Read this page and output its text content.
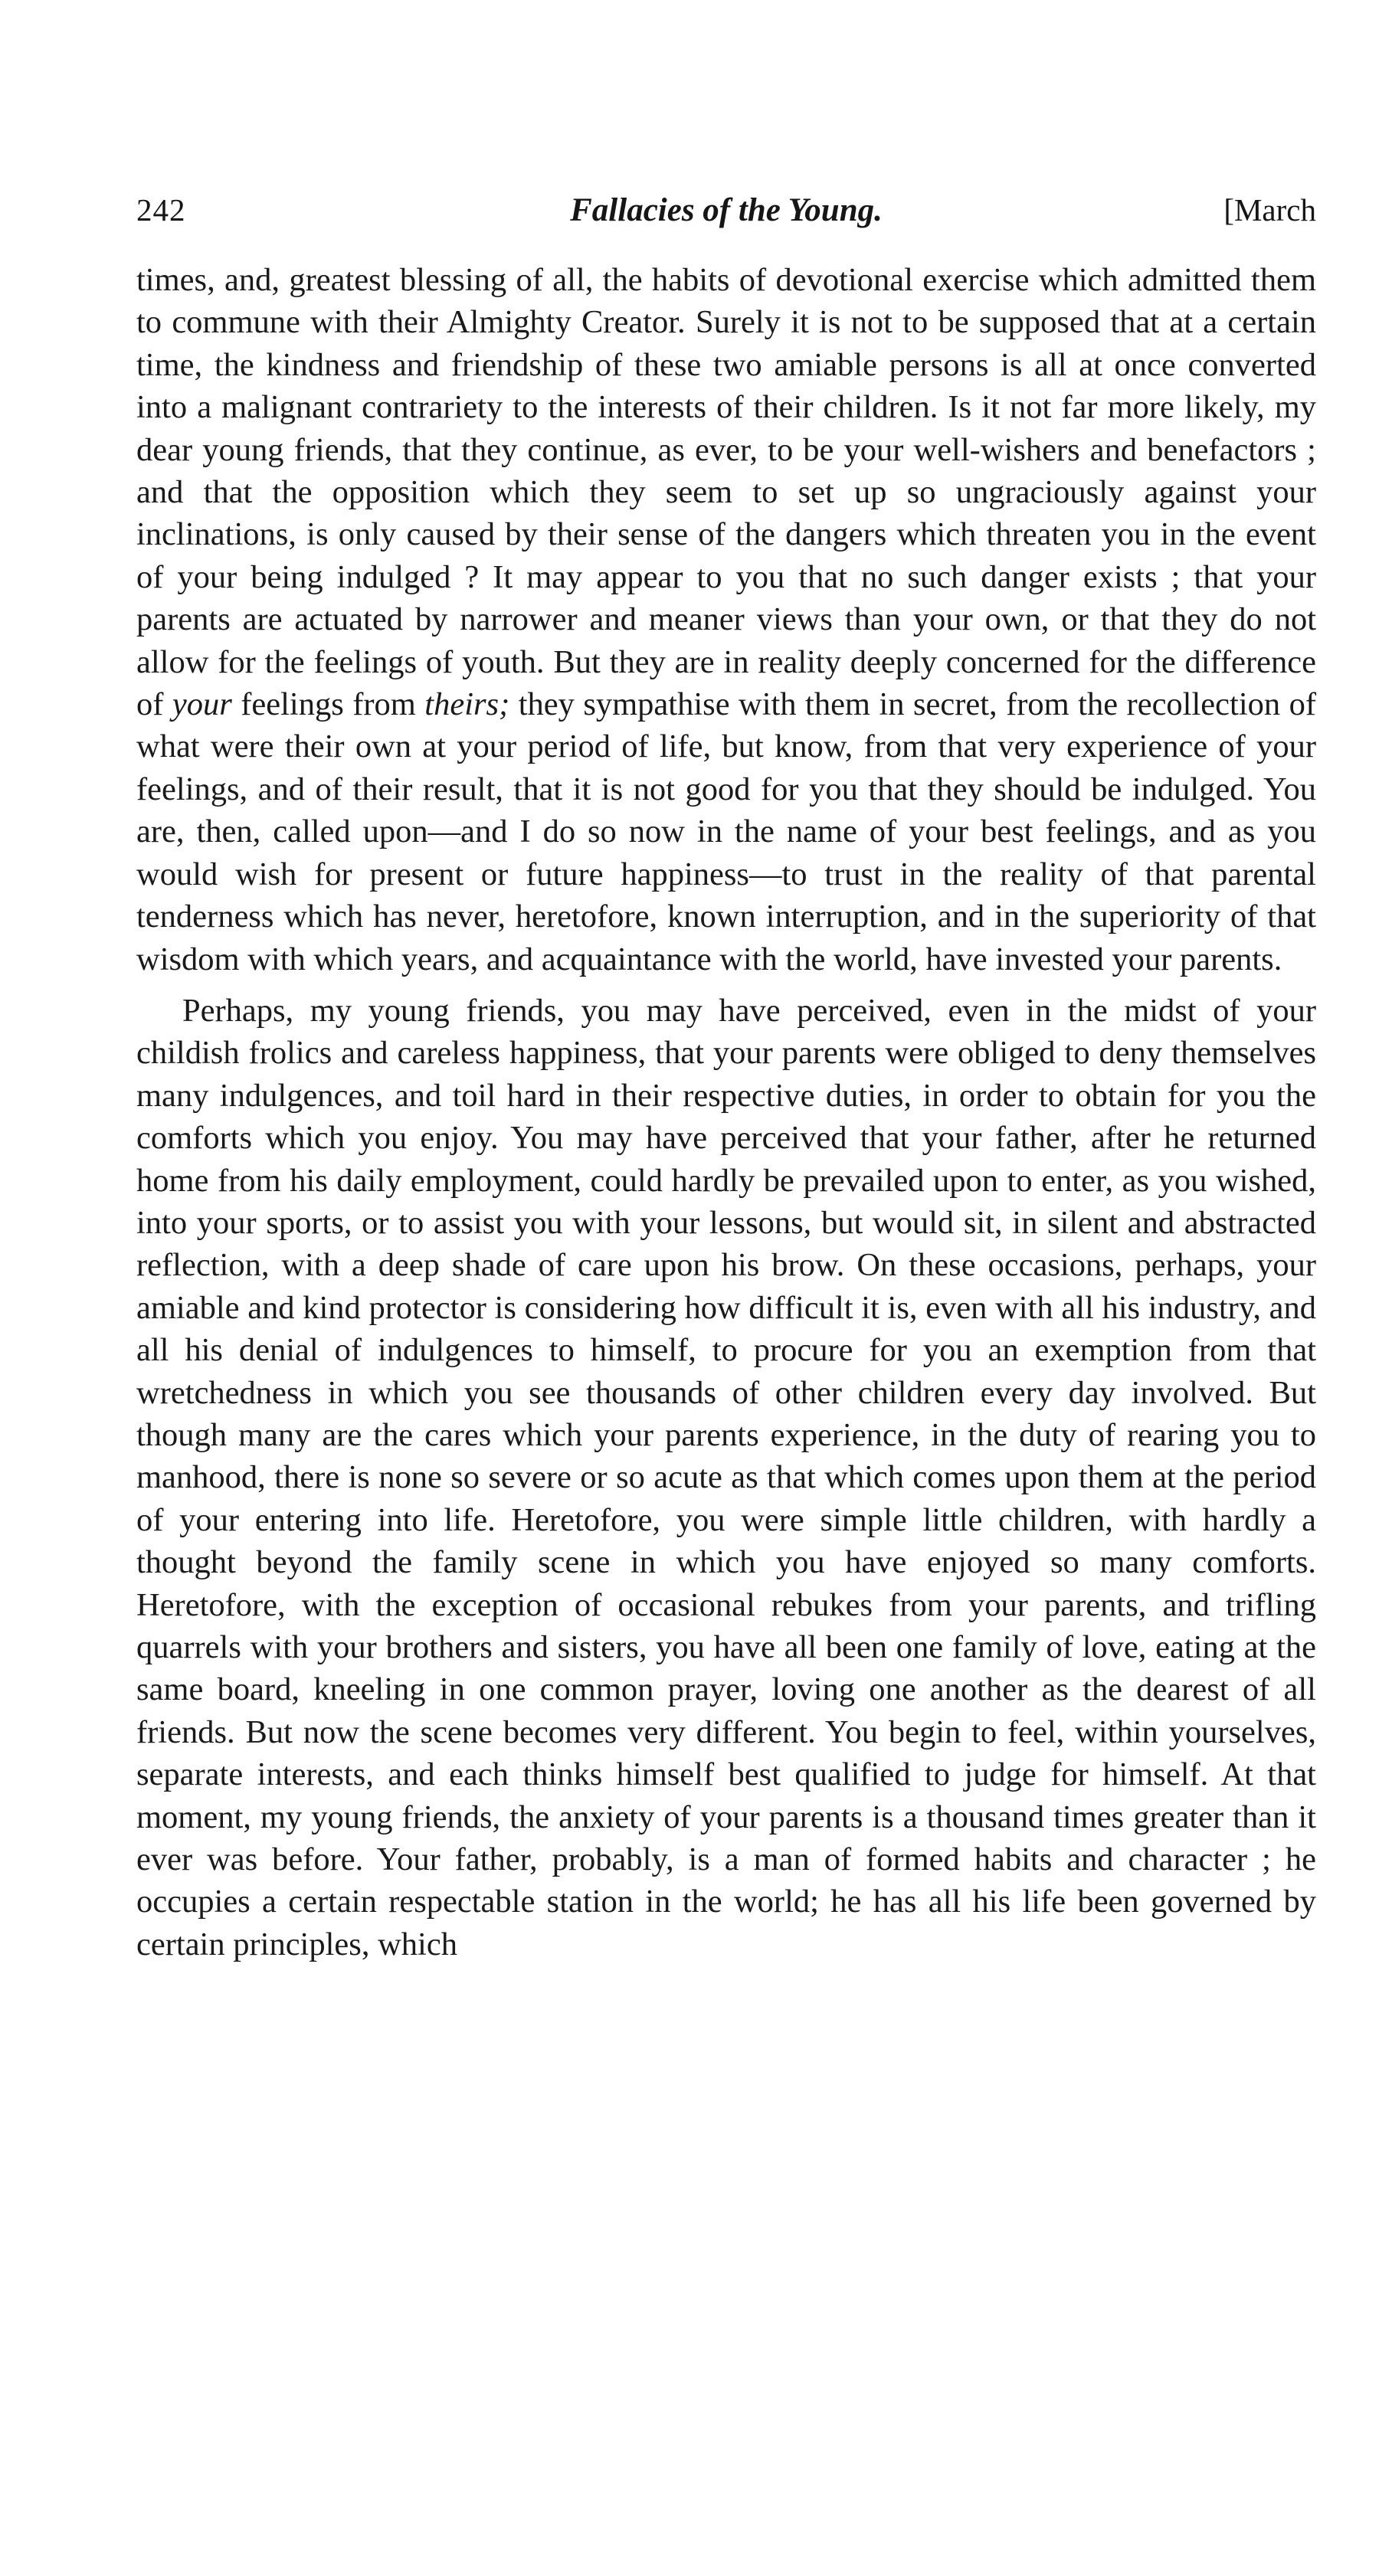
242	Fallacies of the Young.	[March

times, and, greatest blessing of all, the habits of devotional exercise which admitted them to commune with their Almighty Creator. Surely it is not to be supposed that at a certain time, the kindness and friendship of these two amiable persons is all at once converted into a malignant contrariety to the interests of their children. Is it not far more likely, my dear young friends, that they continue, as ever, to be your well-wishers and benefactors ; and that the opposition which they seem to set up so ungraciously against your inclinations, is only caused by their sense of the dangers which threaten you in the event of your being indulged ? It may appear to you that no such danger exists ; that your parents are actuated by narrower and meaner views than your own, or that they do not allow for the feelings of youth. But they are in reality deeply concerned for the difference of your feelings from theirs; they sympathise with them in secret, from the recollection of what were their own at your period of life, but know, from that very experience of your feelings, and of their result, that it is not good for you that they should be indulged. You are, then, called upon—and I do so now in the name of your best feelings, and as you would wish for present or future happiness—to trust in the reality of that parental tenderness which has never, heretofore, known interruption, and in the superiority of that wisdom with which years, and acquaintance with the world, have invested your parents.

Perhaps, my young friends, you may have perceived, even in the midst of your childish frolics and careless happiness, that your parents were obliged to deny themselves many indulgences, and toil hard in their respective duties, in order to obtain for you the comforts which you enjoy. You may have perceived that your father, after he returned home from his daily employment, could hardly be prevailed upon to enter, as you wished, into your sports, or to assist you with your lessons, but would sit, in silent and abstracted reflection, with a deep shade of care upon his brow. On these occasions, perhaps, your amiable and kind protector is considering how difficult it is, even with all his industry, and all his denial of indulgences to himself, to procure for you an exemption from that wretchedness in which you see thousands of other children every day involved. But though many are the cares which your parents experience, in the duty of rearing you to manhood, there is none so severe or so acute as that which comes upon them at the period of your entering into life. Heretofore, you were simple little children, with hardly a thought beyond the family scene in which you have enjoyed so many comforts. Heretofore, with the exception of occasional rebukes from your parents, and trifling quarrels with your brothers and sisters, you have all been one family of love, eating at the same board, kneeling in one common prayer, loving one another as the dearest of all friends. But now the scene becomes very different. You begin to feel, within yourselves, separate interests, and each thinks himself best qualified to judge for himself. At that moment, my young friends, the anxiety of your parents is a thousand times greater than it ever was before. Your father, probably, is a man of formed habits and character ; he occupies a certain respectable station in the world; he has all his life been governed by certain principles, which
